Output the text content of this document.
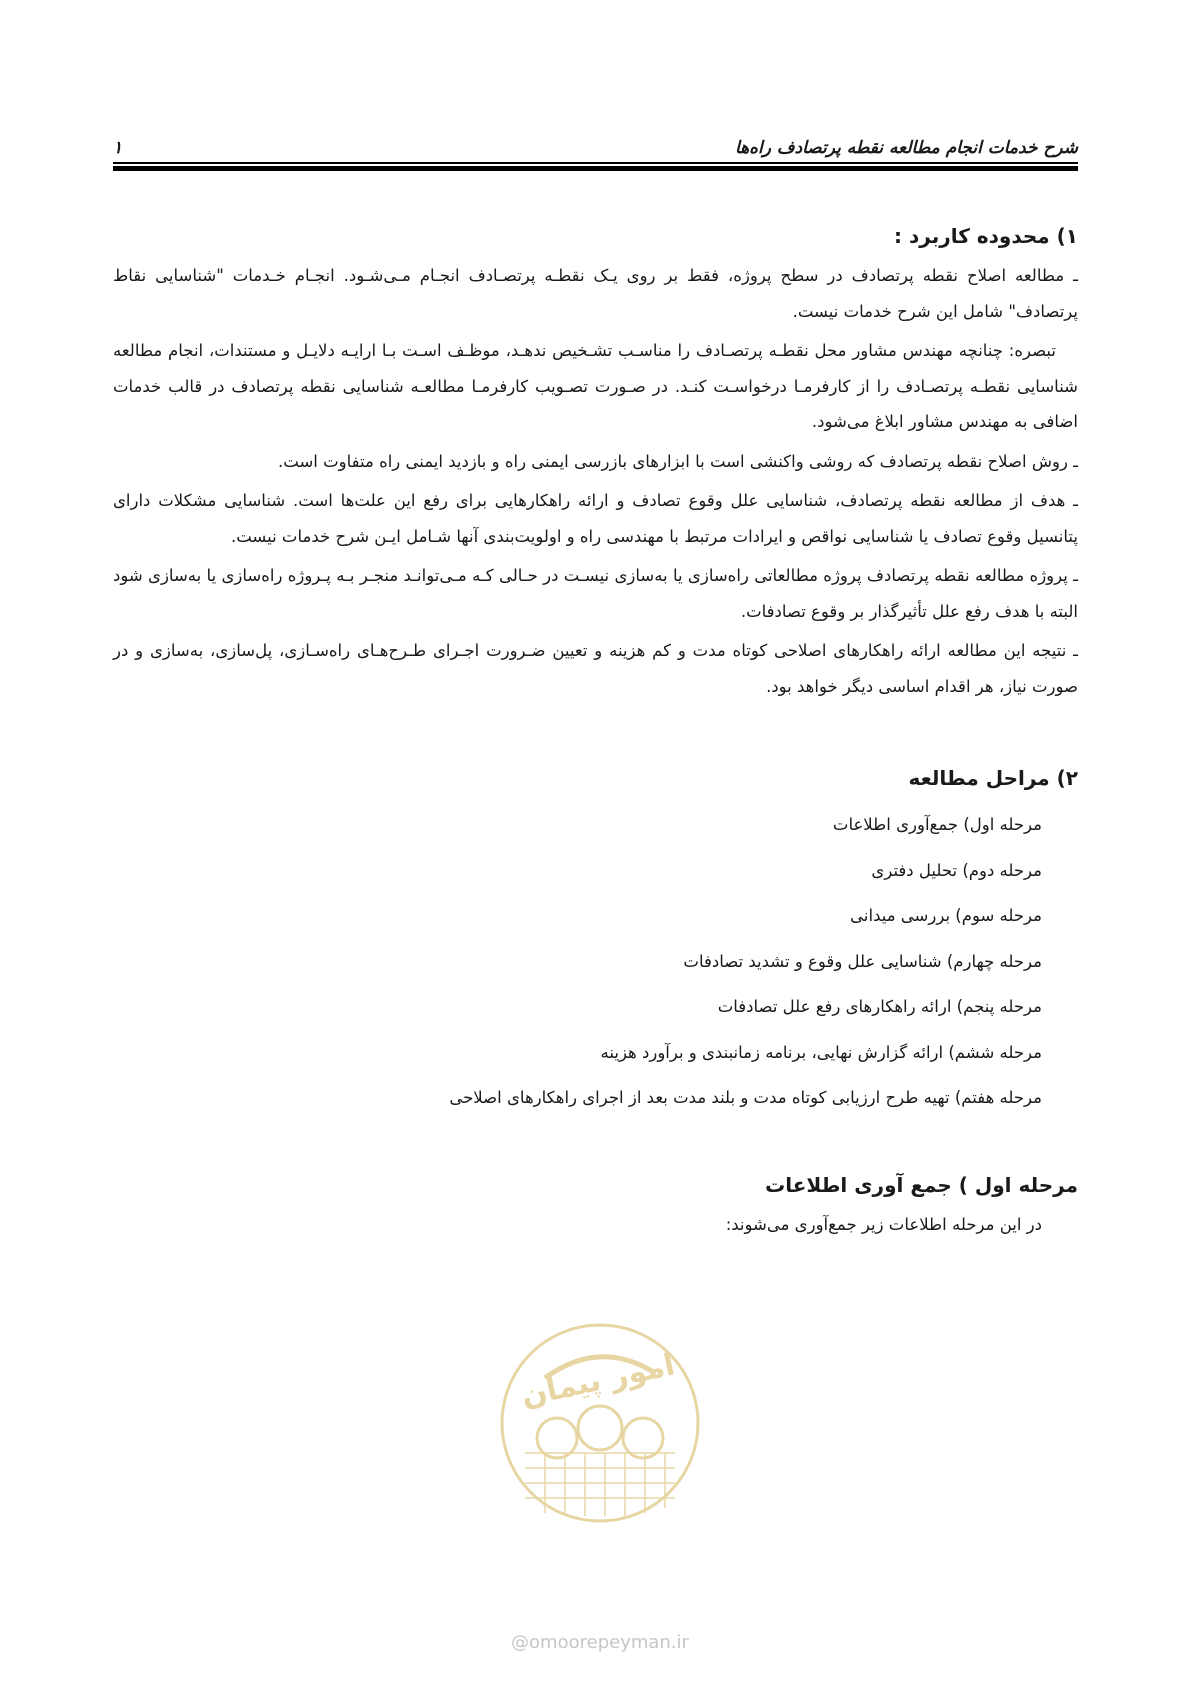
شرح خدمات انجام مطالعه نقطه پرتصادف راه‌ها
۱
۱) محدوده کاربرد :

ـ مطالعه اصلاح نقطه پرتصادف در سطح پروژه، فقط بر روی یـک نقطـه پرتصـادف انجـام مـی‌شـود. انجـام خـدمات "شناسایی نقاط پرتصادف" شامل این شرح خدمات نیست.

تبصره: چنانچه مهندس مشاور محل نقطـه پرتصـادف را مناسـب تشـخیص ندهـد، موظـف اسـت بـا ارایـه دلایـل و مستندات، انجام مطالعه شناسایی نقطـه پرتصـادف را از کارفرمـا درخواسـت کنـد. در صـورت تصـویب کارفرمـا مطالعـه شناسایی نقطه پرتصادف در قالب خدمات اضافی به مهندس مشاور ابلاغ می‌شود.

ـ روش اصلاح نقطه پرتصادف که روشی واکنشی است با ابزارهای بازرسی ایمنی راه و بازدید ایمنی راه متفاوت است.

ـ هدف از مطالعه نقطه پرتصادف، شناسایی علل وقوع تصادف و ارائه راهکارهایی برای رفع این علت‌ها است. شناسایی مشکلات دارای پتانسیل وقوع تصادف یا شناسایی نواقص و ایرادات مرتبط با مهندسی راه و اولویت‌بندی آنها شـامل ایـن شرح خدمات نیست.

ـ پروژه مطالعه نقطه پرتصادف پروژه مطالعاتی راه‌سازی یا به‌سازی نیسـت در حـالی کـه مـی‌توانـد منجـر بـه پـروژه راه‌سازی یا به‌سازی شود البته با هدف رفع علل تأثیرگذار بر وقوع تصادفات.

ـ نتیجه این مطالعه ارائه راهکارهای اصلاحی کوتاه مدت و کم هزینه و تعیین ضـرورت اجـرای طـرح‌هـای راه‌سـازی، پل‌سازی، به‌سازی و در صورت نیاز، هر اقدام اساسی دیگر خواهد بود.

۲) مراحل مطالعه
مرحله اول) جمع‌آوری اطلاعات
مرحله دوم) تحلیل دفتری
مرحله سوم) بررسی میدانی
مرحله چهارم) شناسایی علل وقوع و تشدید تصادفات
مرحله پنجم) ارائه راهکارهای رفع علل تصادفات
مرحله ششم) ارائه گزارش نهایی، برنامه زمانبندی و برآورد هزینه
مرحله هفتم) تهیه طرح ارزیابی کوتاه مدت و بلند مدت بعد از اجرای راهکارهای اصلاحی
مرحله اول ) جمع آوری اطلاعات

در این مرحله اطلاعات زیر جمع‌آوری می‌شوند:

امور پیمان
@omoorepeyman.ir
